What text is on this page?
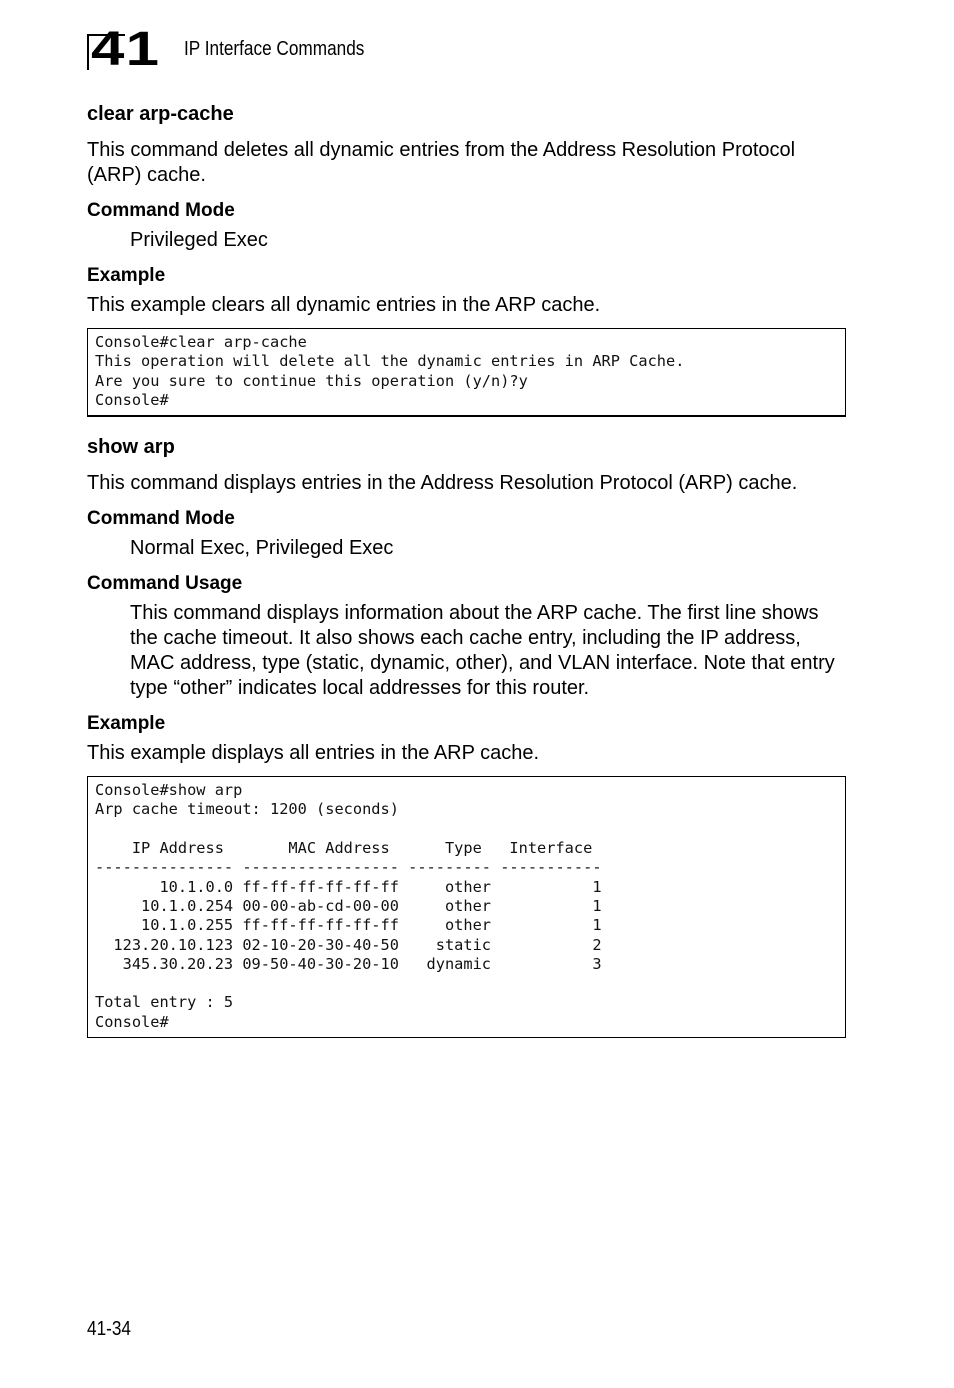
41 IP Interface Commands
clear arp-cache

This command deletes all dynamic entries from the Address Resolution Protocol (ARP) cache.

Command Mode

Privileged Exec

Example

This example clears all dynamic entries in the ARP cache.

Console#clear arp-cache
This operation will delete all the dynamic entries in ARP Cache.
Are you sure to continue this operation (y/n)?y
Console#
show arp

This command displays entries in the Address Resolution Protocol (ARP) cache.

Command Mode

Normal Exec, Privileged Exec

Command Usage

This command displays information about the ARP cache. The first line shows the cache timeout. It also shows each cache entry, including the IP address, MAC address, type (static, dynamic, other), and VLAN interface. Note that entry type “other” indicates local addresses for this router.

Example

This example displays all entries in the ARP cache.

Console#show arp
Arp cache timeout: 1200 (seconds)

IP Address       MAC Address      Type   Interface
--------------- ----------------- --------- -----------
10.1.0.0 ff-ff-ff-ff-ff-ff     other           1
10.1.0.254 00-00-ab-cd-00-00     other           1
10.1.0.255 ff-ff-ff-ff-ff-ff     other           1
123.20.10.123 02-10-20-30-40-50    static           2
345.30.20.23 09-50-40-30-20-10   dynamic           3

Total entry : 5
Console#
41-34
